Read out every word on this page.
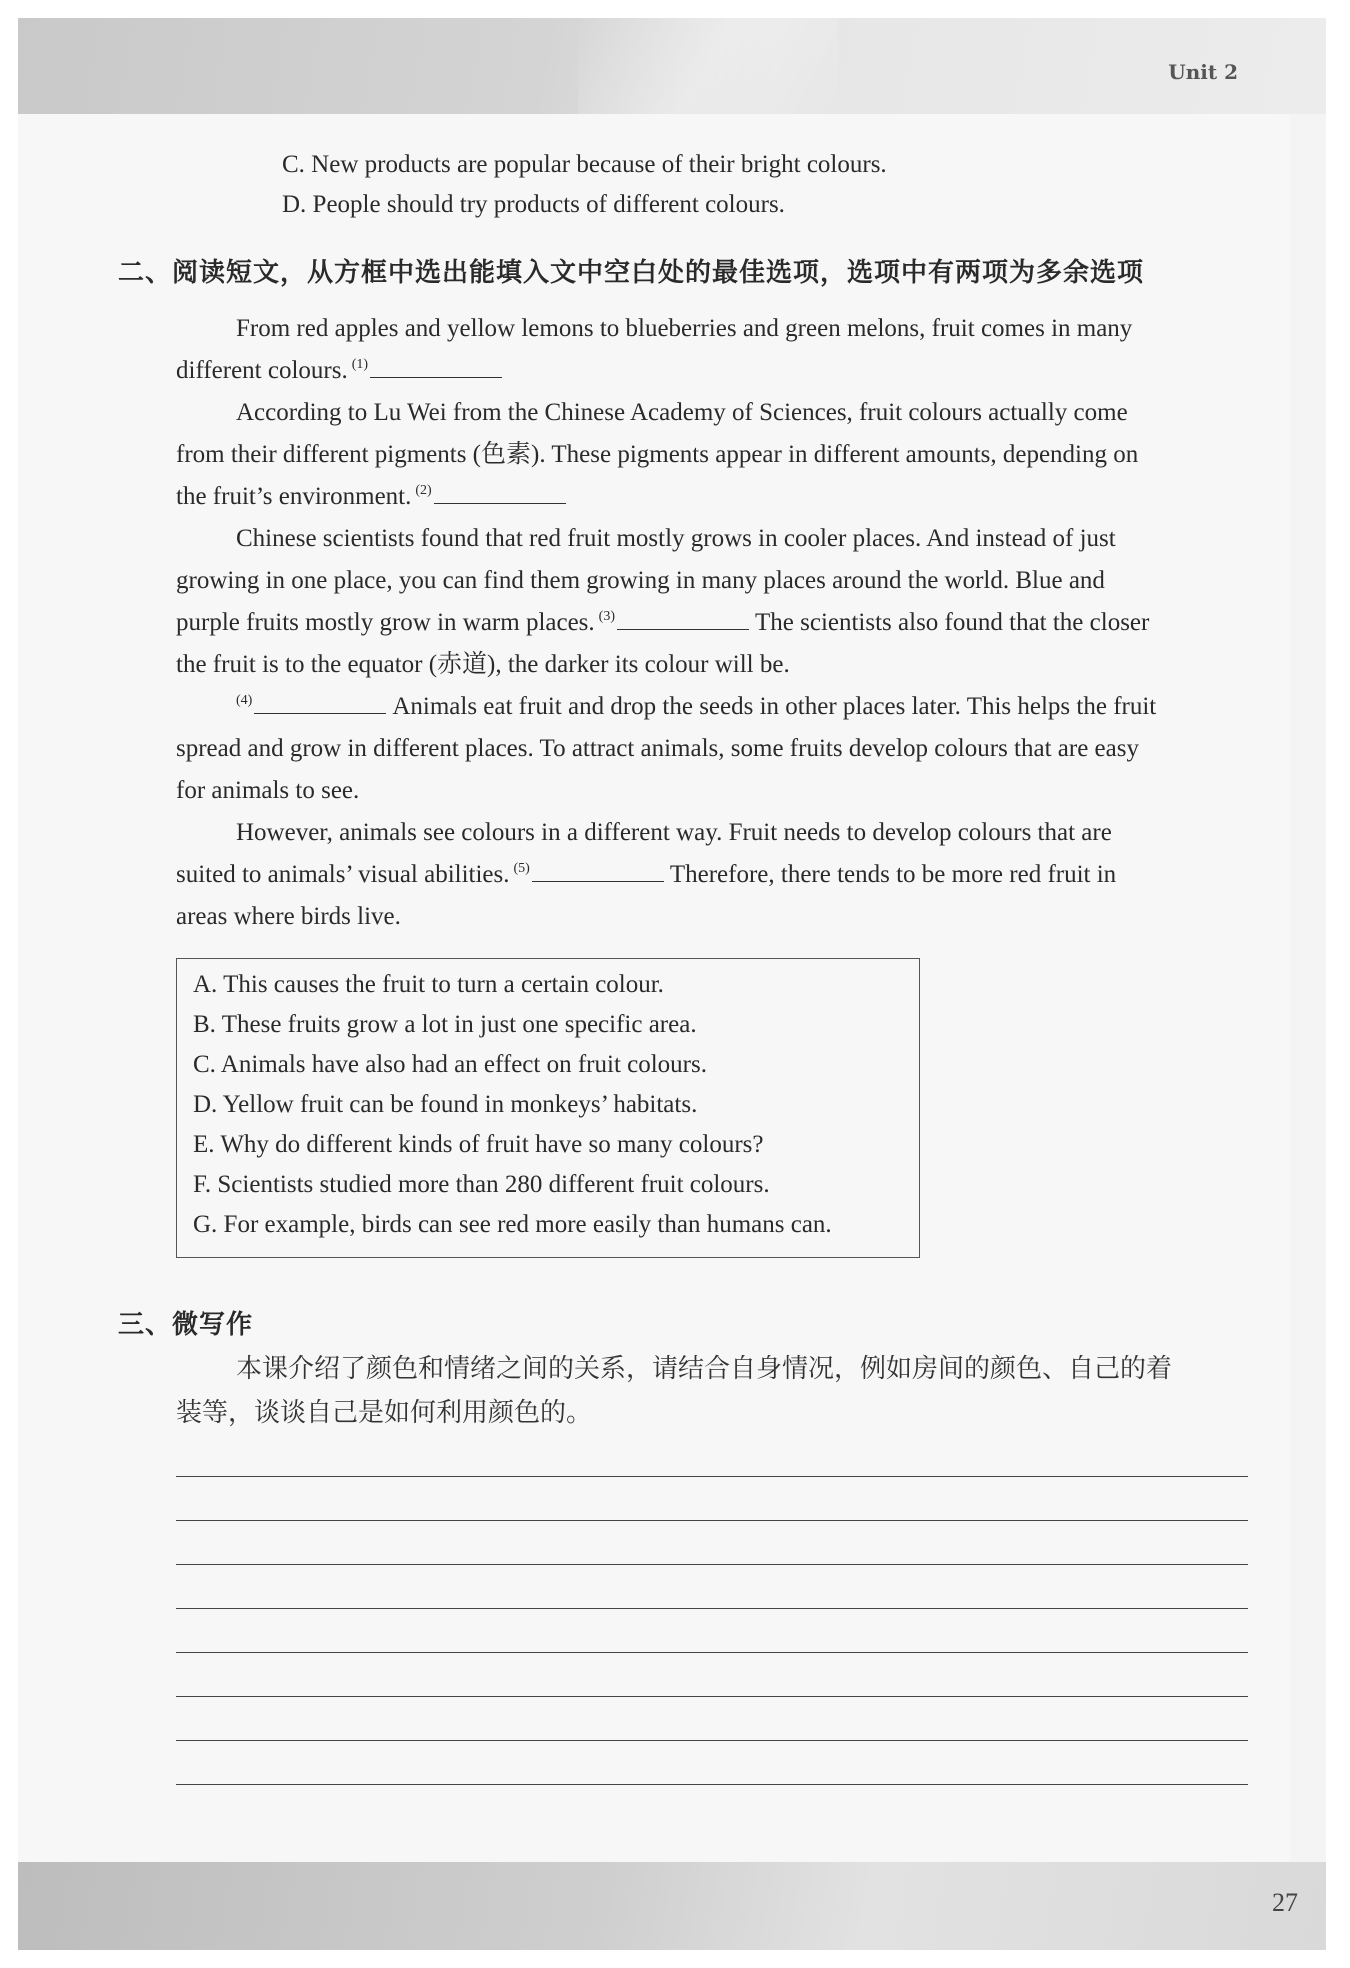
Unit 2
C. New products are popular because of their bright colours.
D. People should try products of different colours.
二、阅读短文，从方框中选出能填入文中空白处的最佳选项，选项中有两项为多余选项
From red apples and yellow lemons to blueberries and green melons, fruit comes in many
different colours. $^{(1)}$
According to Lu Wei from the Chinese Academy of Sciences, fruit colours actually come
from their different pigments (色素). These pigments appear in different amounts, depending on
the fruit’s environment. $^{(2)}$
Chinese scientists found that red fruit mostly grows in cooler places. And instead of just
growing in one place, you can find them growing in many places around the world. Blue and
purple fruits mostly grow in warm places. $^{(3)}$	The scientists also found that the closer
the fruit is to the equator (赤道), the darker its colour will be.
$^{(4)}$	Animals eat fruit and drop the seeds in other places later. This helps the fruit
spread and grow in different places. To attract animals, some fruits develop colours that are easy
for animals to see.
However, animals see colours in a different way. Fruit needs to develop colours that are
suited to animals’ visual abilities. $^{(5)}$	Therefore, there tends to be more red fruit in
areas where birds live.
A. This causes the fruit to turn a certain colour.
B. These fruits grow a lot in just one specific area.
C. Animals have also had an effect on fruit colours.
D. Yellow fruit can be found in monkeys’ habitats.
E. Why do different kinds of fruit have so many colours?
F. Scientists studied more than 280 different fruit colours.
G. For example, birds can see red more easily than humans can.
三、微写作
本课介绍了颜色和情绪之间的关系，请结合自身情况，例如房间的颜色、自己的着
装等，谈谈自己是如何利用颜色的。
27
